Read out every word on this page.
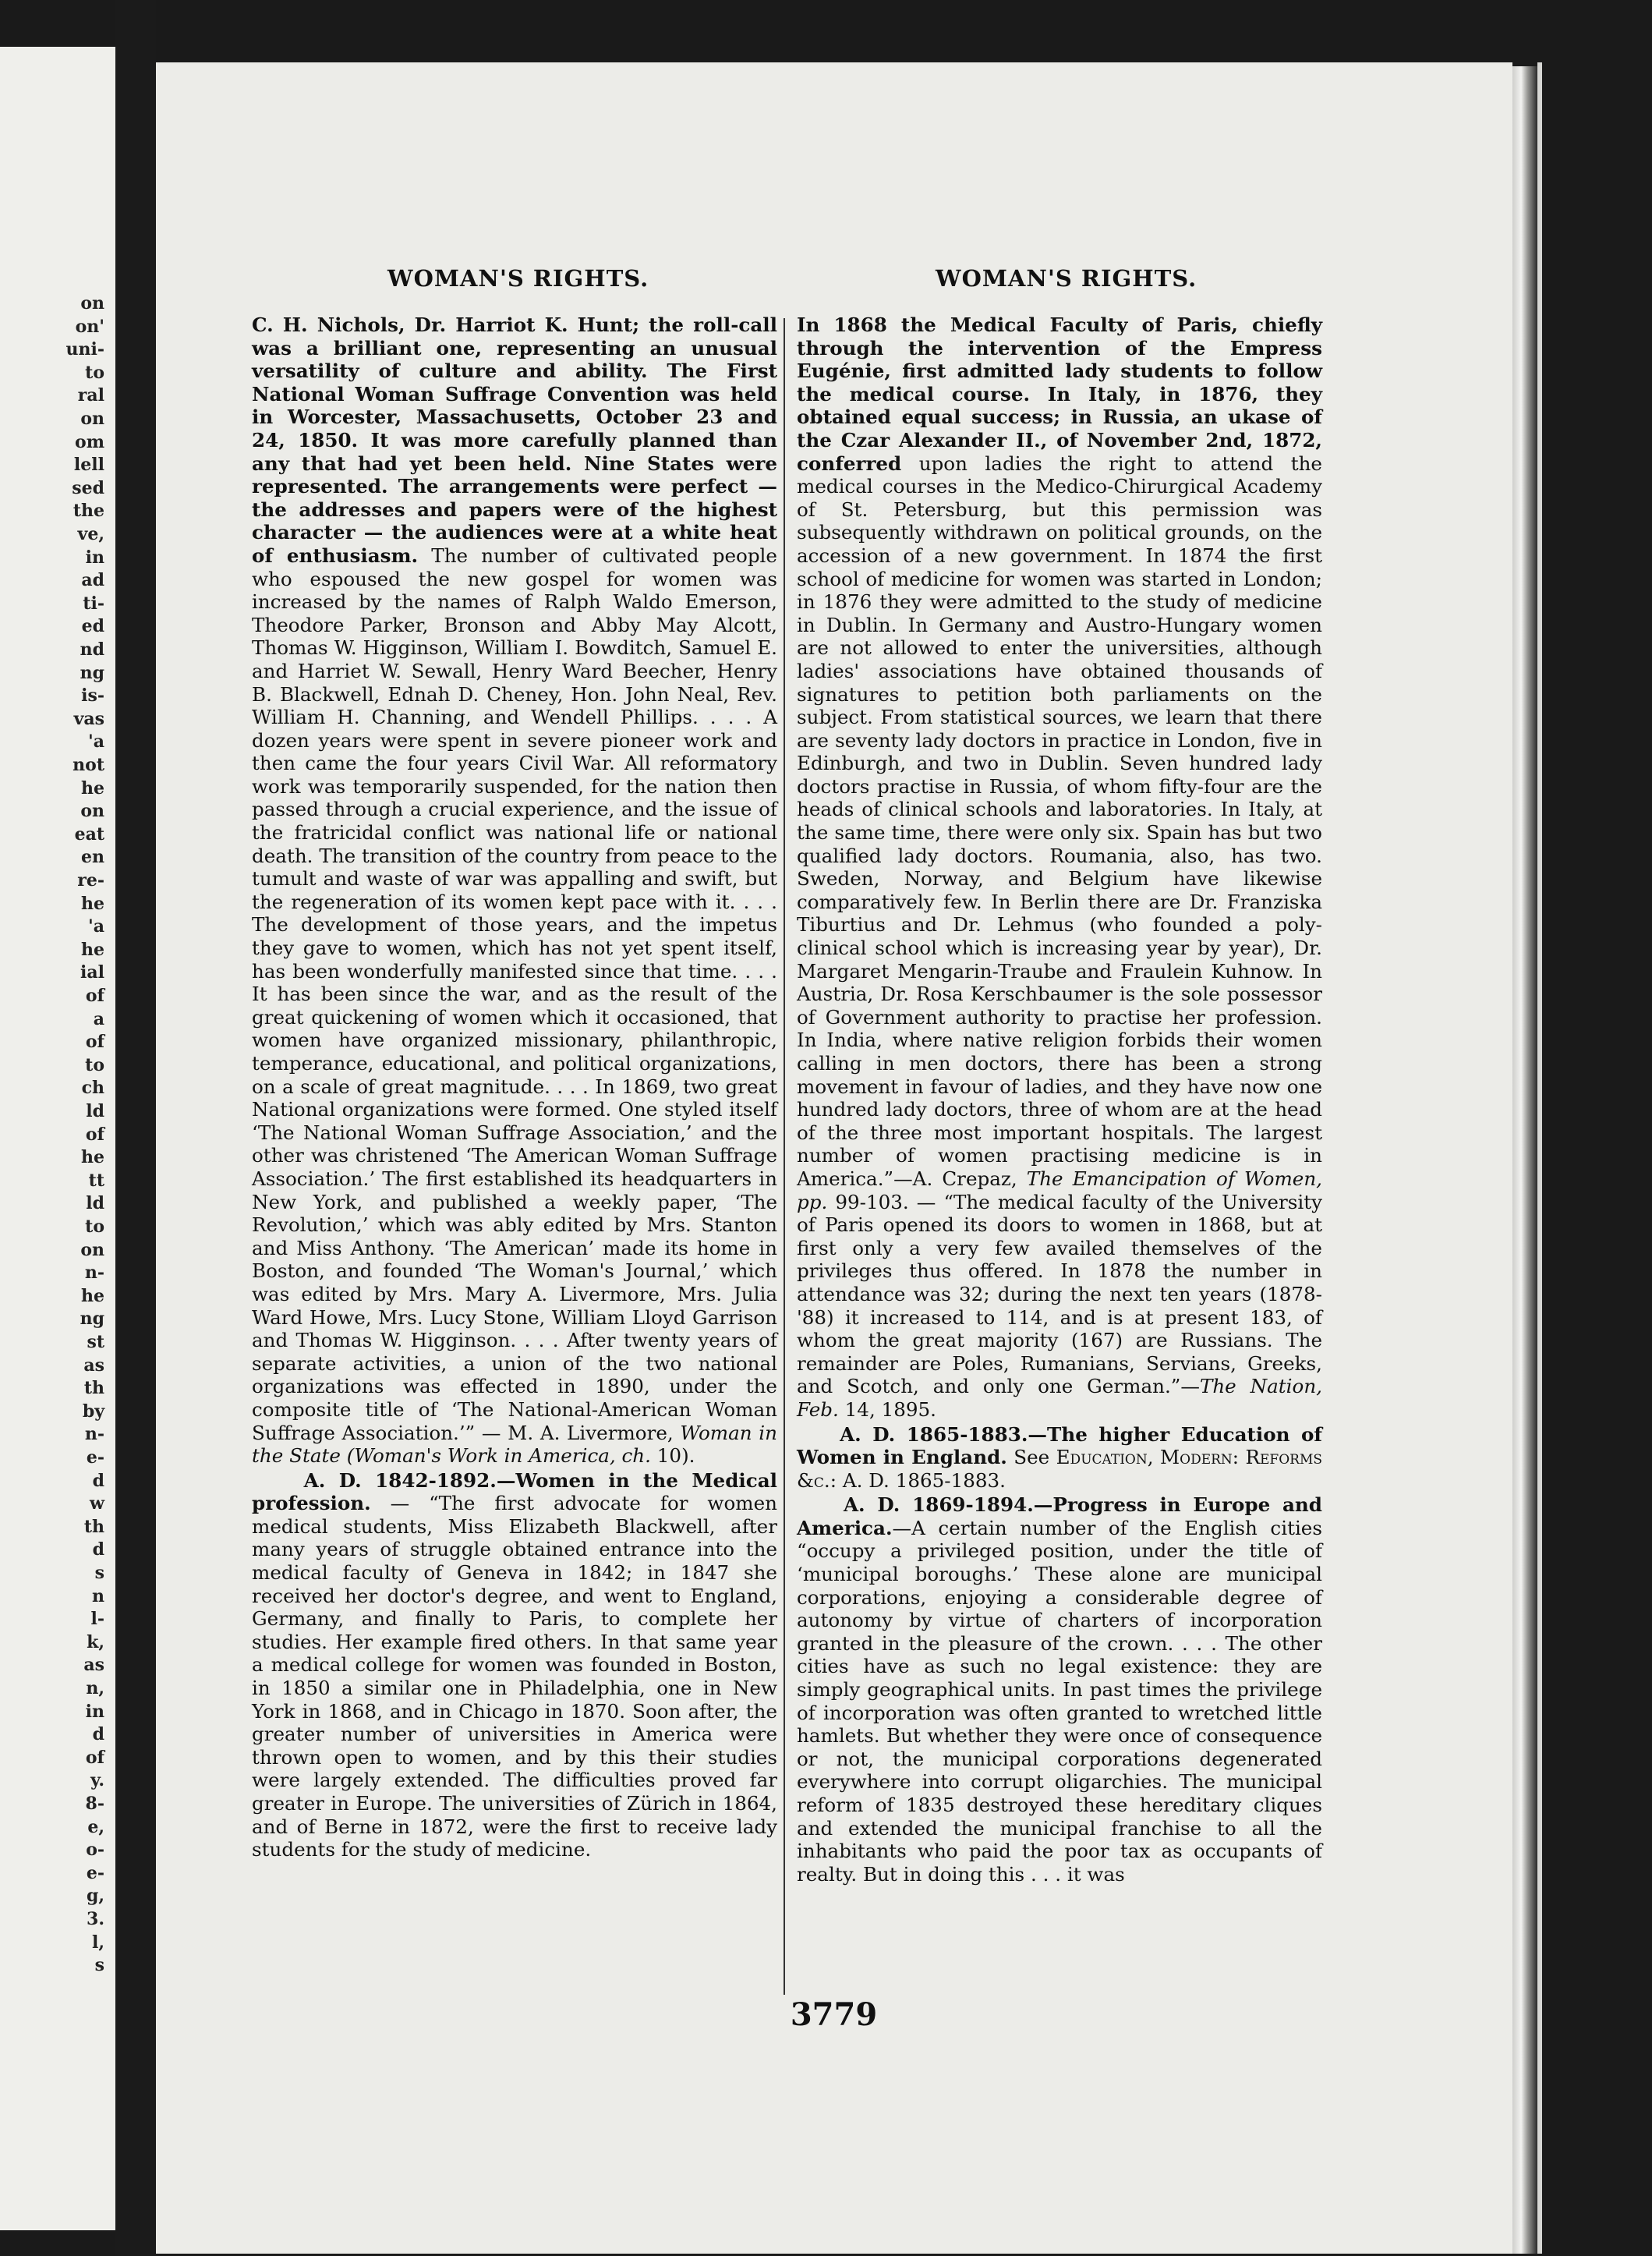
on
on'
uni-
to
ral
on
om
lell
sed
the
ve,
in
ad
ti-
ed
nd
ng
is-
vas
'a
not
he
on
eat
en
re-
he
'a
he
ial
of
a
of
to
ch
ld
of
he
tt
ld
to
on
n-
he
ng
st
as
th
by
n-
e-
d
w
th
d
s
n
l-
k,
as
n,
in
d
of
y.
8-
e,
o-
e-
g,
3.
l,
s
WOMAN'S RIGHTS.	WOMAN'S RIGHTS.

C. H. Nichols, Dr. Harriot K. Hunt; the roll-call was a brilliant one, representing an unusual versatility of culture and ability. The First National Woman Suffrage Convention was held in Worcester, Massachusetts, October 23 and 24, 1850. It was more carefully planned than any that had yet been held. Nine States were represented. The arrangements were perfect — the addresses and papers were of the highest character — the audiences were at a white heat of enthusiasm. The number of cultivated people who espoused the new gospel for women was increased by the names of Ralph Waldo Emerson, Theodore Parker, Bronson and Abby May Alcott, Thomas W. Higginson, William I. Bowditch, Samuel E. and Harriet W. Sewall, Henry Ward Beecher, Henry B. Blackwell, Ednah D. Cheney, Hon. John Neal, Rev. William H. Channing, and Wendell Phillips. . . . A dozen years were spent in severe pioneer work and then came the four years Civil War. All reformatory work was temporarily suspended, for the nation then passed through a crucial experience, and the issue of the fratricidal conflict was national life or national death. The transition of the country from peace to the tumult and waste of war was appalling and swift, but the regeneration of its women kept pace with it. . . . The development of those years, and the impetus they gave to women, which has not yet spent itself, has been wonderfully manifested since that time. . . . It has been since the war, and as the result of the great quickening of women which it occasioned, that women have organized missionary, philanthropic, temperance, educational, and political organizations, on a scale of great magnitude. . . . In 1869, two great National organizations were formed. One styled itself ‘The National Woman Suffrage Association,’ and the other was christened ‘The American Woman Suffrage Association.’ The first established its headquarters in New York, and published a weekly paper, ‘The Revolution,’ which was ably edited by Mrs. Stanton and Miss Anthony. ‘The American’ made its home in Boston, and founded ‘The Woman's Journal,’ which was edited by Mrs. Mary A. Livermore, Mrs. Julia Ward Howe, Mrs. Lucy Stone, William Lloyd Garrison and Thomas W. Higginson. . . . After twenty years of separate activities, a union of the two national organizations was effected in 1890, under the composite title of ‘The National-American Woman Suffrage Association.’” — M. A. Livermore, Woman in the State (Woman's Work in America, ch. 10).

A. D. 1842-1892.—Women in the Medical profession. — “The first advocate for women medical students, Miss Elizabeth Blackwell, after many years of struggle obtained entrance into the medical faculty of Geneva in 1842; in 1847 she received her doctor's degree, and went to England, Germany, and finally to Paris, to complete her studies. Her example fired others. In that same year a medical college for women was founded in Boston, in 1850 a similar one in Philadelphia, one in New York in 1868, and in Chicago in 1870. Soon after, the greater number of universities in America were thrown open to women, and by this their studies were largely extended. The difficulties proved far greater in Europe. The universities of Zürich in 1864, and of Berne in 1872, were the first to receive lady students for the study of medicine.

In 1868 the Medical Faculty of Paris, chiefly through the intervention of the Empress Eugénie, first admitted lady students to follow the medical course. In Italy, in 1876, they obtained equal success; in Russia, an ukase of the Czar Alexander II., of November 2nd, 1872, conferred upon ladies the right to attend the medical courses in the Medico-Chirurgical Academy of St. Petersburg, but this permission was subsequently withdrawn on political grounds, on the accession of a new government. In 1874 the first school of medicine for women was started in London; in 1876 they were admitted to the study of medicine in Dublin. In Germany and Austro-Hungary women are not allowed to enter the universities, although ladies' associations have obtained thousands of signatures to petition both parliaments on the subject. From statistical sources, we learn that there are seventy lady doctors in practice in London, five in Edinburgh, and two in Dublin. Seven hundred lady doctors practise in Russia, of whom fifty-four are the heads of clinical schools and laboratories. In Italy, at the same time, there were only six. Spain has but two qualified lady doctors. Roumania, also, has two. Sweden, Norway, and Belgium have likewise comparatively few. In Berlin there are Dr. Franziska Tiburtius and Dr. Lehmus (who founded a poly-clinical school which is increasing year by year), Dr. Margaret Mengarin-Traube and Fraulein Kuhnow. In Austria, Dr. Rosa Kerschbaumer is the sole possessor of Government authority to practise her profession. In India, where native religion forbids their women calling in men doctors, there has been a strong movement in favour of ladies, and they have now one hundred lady doctors, three of whom are at the head of the three most important hospitals. The largest number of women practising medicine is in America.”—A. Crepaz, The Emancipation of Women, pp. 99-103. — “The medical faculty of the University of Paris opened its doors to women in 1868, but at first only a very few availed themselves of the privileges thus offered. In 1878 the number in attendance was 32; during the next ten years (1878-'88) it increased to 114, and is at present 183, of whom the great majority (167) are Russians. The remainder are Poles, Rumanians, Servians, Greeks, and Scotch, and only one German.”—The Nation, Feb. 14, 1895.

A. D. 1865-1883.—The higher Education of Women in England. See Education, Modern: Reforms &c.: A. D. 1865-1883.

A. D. 1869-1894.—Progress in Europe and America.—A certain number of the English cities “occupy a privileged position, under the title of ‘municipal boroughs.’ These alone are municipal corporations, enjoying a considerable degree of autonomy by virtue of charters of incorporation granted in the pleasure of the crown. . . . The other cities have as such no legal existence: they are simply geographical units. In past times the privilege of incorporation was often granted to wretched little hamlets. But whether they were once of consequence or not, the municipal corporations degenerated everywhere into corrupt oligarchies. The municipal reform of 1835 destroyed these hereditary cliques and extended the municipal franchise to all the inhabitants who paid the poor tax as occupants of realty. But in doing this . . . it was

3779
